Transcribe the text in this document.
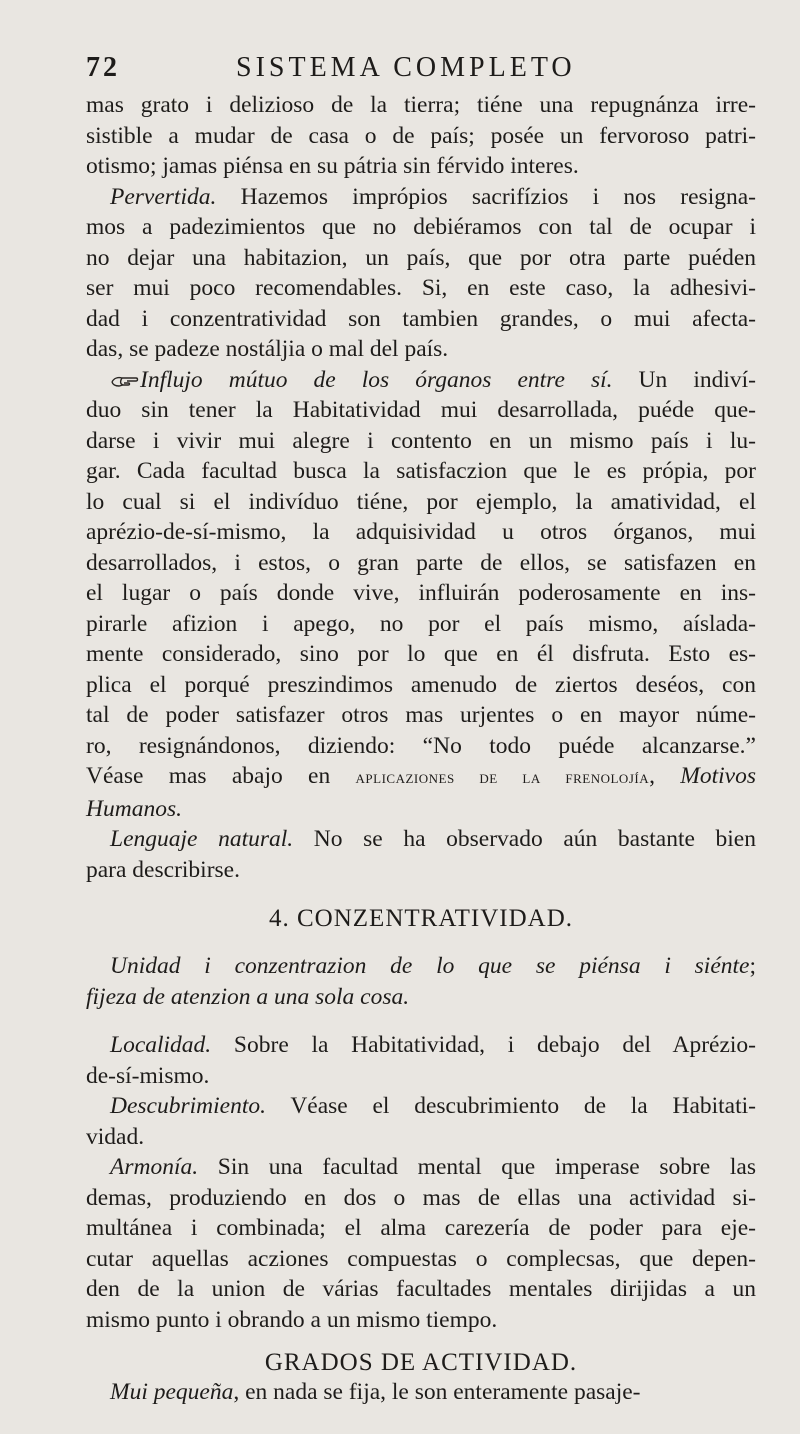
72	SISTEMA COMPLETO
mas grato i delizioso de la tierra; tiéne una repugnánza irre-
sistible a mudar de casa o de país; posée un fervoroso patri-
otismo; jamas piénsa en su pátria sin férvido interes.
Pervertida. Hazemos imprópios sacrifízios i nos resigna-
mos a padezimientos que no debiéramos con tal de ocupar i
no dejar una habitazion, un país, que por otra parte puéden
ser mui poco recomendables. Si, en este caso, la adhesivi-
dad i conzentratividad son tambien grandes, o mui afecta-
das, se padeze nostáljia o mal del país.
Influjo mútuo de los órganos entre sí. Un indiví-
duo sin tener la Habitatividad mui desarrollada, puéde que-
darse i vivir mui alegre i contento en un mismo país i lu-
gar. Cada facultad busca la satisfaczion que le es própia, por
lo cual si el indivíduo tiéne, por ejemplo, la amatividad, el
aprézio-de-sí-mismo, la adquisividad u otros órganos, mui
desarrollados, i estos, o gran parte de ellos, se satisfazen en
el lugar o país donde vive, influirán poderosamente en ins-
pirarle afizion i apego, no por el país mismo, aíslada-
mente considerado, sino por lo que en él disfruta. Esto es-
plica el porqué preszindimos amenudo de ziertos deséos, con
tal de poder satisfazer otros mas urjentes o en mayor núme-
ro, resignándonos, diziendo: “No todo puéde alcanzarse.”
Véase mas abajo en aplicaziones de la frenolojía, Motivos
Humanos.
Lenguaje natural. No se ha observado aún bastante bien
para describirse.
4. CONZENTRATIVIDAD.
Unidad i conzentrazion de lo que se piénsa i siénte;
fijeza de atenzion a una sola cosa.
Localidad. Sobre la Habitatividad, i debajo del Aprézio-
de-sí-mismo.
Descubrimiento. Véase el descubrimiento de la Habitati-
vidad.
Armonía. Sin una facultad mental que imperase sobre las
demas, produziendo en dos o mas de ellas una actividad si-
multánea i combinada; el alma carezería de poder para eje-
cutar aquellas acziones compuestas o complecsas, que depen-
den de la union de várias facultades mentales dirijidas a un
mismo punto i obrando a un mismo tiempo.
GRADOS DE ACTIVIDAD.
Mui pequeña, en nada se fija, le son enteramente pasaje-
